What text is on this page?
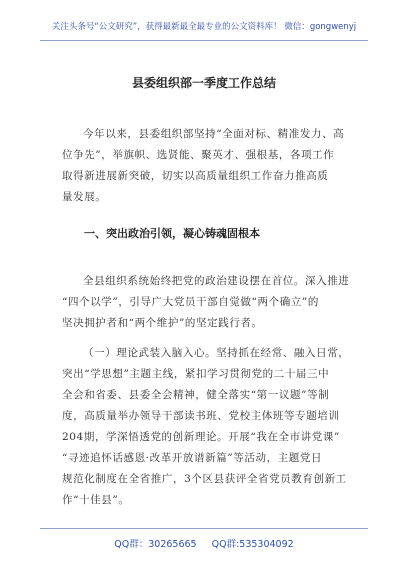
关注头条号“公文研究”，获得最新最全最专业的公文资料库！ 微信：gongwenyj
县委组织部一季度工作总结
今年以来，县委组织部坚持“全面对标、精准发力、高
位争先”，举旗帜、选贤能、聚英才、强根基，各项工作
取得新进展新突破，切实以高质量组织工作奋力推高质
量发展。
一、突出政治引领，凝心铸魂固根本
全县组织系统始终把党的政治建设摆在首位。深入推进
“四个以学”，引导广大党员干部自觉做“两个确立”的
坚决拥护者和“两个维护”的坚定践行者。
（一）理论武装入脑入心。坚持抓在经常、融入日常，
突出“学思想”主题主线，紧扣学习贯彻党的二十届三中
全会和省委、县委全会精神，健全落实“第一议题”等制
度，高质量举办领导干部读书班、党校主体班等专题培训
204期，学深悟透党的创新理论。开展“我在全市讲党课”
“寻迹追怀话感恩·改革开放谱新篇”等活动，主题党日
规范化制度在全省推广，3个区县获评全省党员教育创新工
作“十佳县”。
QQ群：30265665 QQ群:535304092
